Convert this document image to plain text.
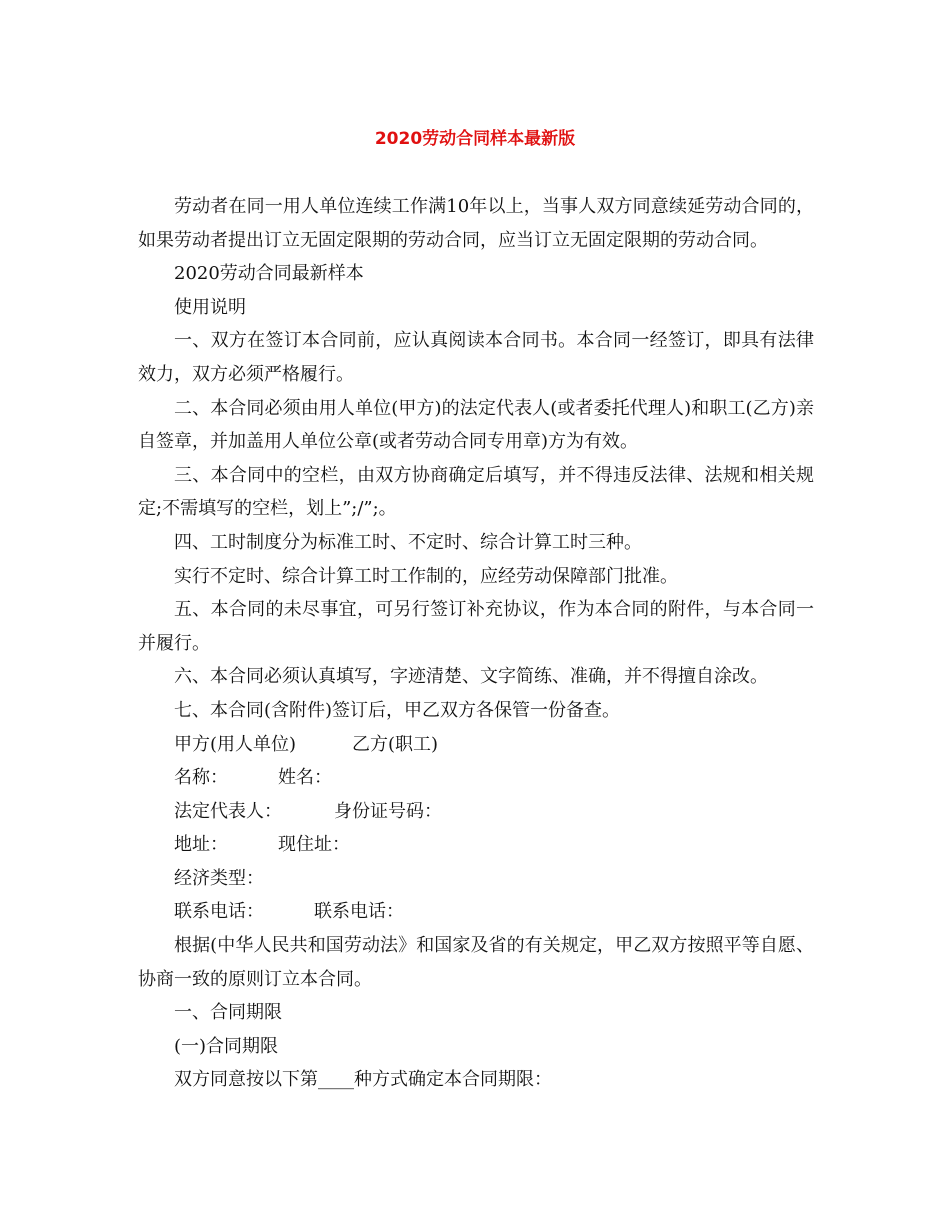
2020劳动合同样本最新版

劳动者在同一用人单位连续工作满10年以上，当事人双方同意续延劳动合同的，如果劳动者提出订立无固定限期的劳动合同，应当订立无固定限期的劳动合同。

2020劳动合同最新样本

使用说明

一、双方在签订本合同前，应认真阅读本合同书。本合同一经签订，即具有法律效力，双方必须严格履行。

二、本合同必须由用人单位(甲方)的法定代表人(或者委托代理人)和职工(乙方)亲自签章，并加盖用人单位公章(或者劳动合同专用章)方为有效。

三、本合同中的空栏，由双方协商确定后填写，并不得违反法律、法规和相关规定;不需填写的空栏，划上”;/”;。

四、工时制度分为标准工时、不定时、综合计算工时三种。

实行不定时、综合计算工时工作制的，应经劳动保障部门批准。

五、本合同的未尽事宜，可另行签订补充协议，作为本合同的附件，与本合同一并履行。

六、本合同必须认真填写，字迹清楚、文字简练、准确，并不得擅自涂改。

七、本合同(含附件)签订后，甲乙双方各保管一份备查。

甲方(用人单位)	乙方(职工)

名称：	姓名：

法定代表人：	身份证号码：

地址：	现住址：

经济类型：

联系电话：	联系电话：

根据(中华人民共和国劳动法》和国家及省的有关规定，甲乙双方按照平等自愿、协商一致的原则订立本合同。

一、合同期限

(一)合同期限

双方同意按以下第____种方式确定本合同期限：
